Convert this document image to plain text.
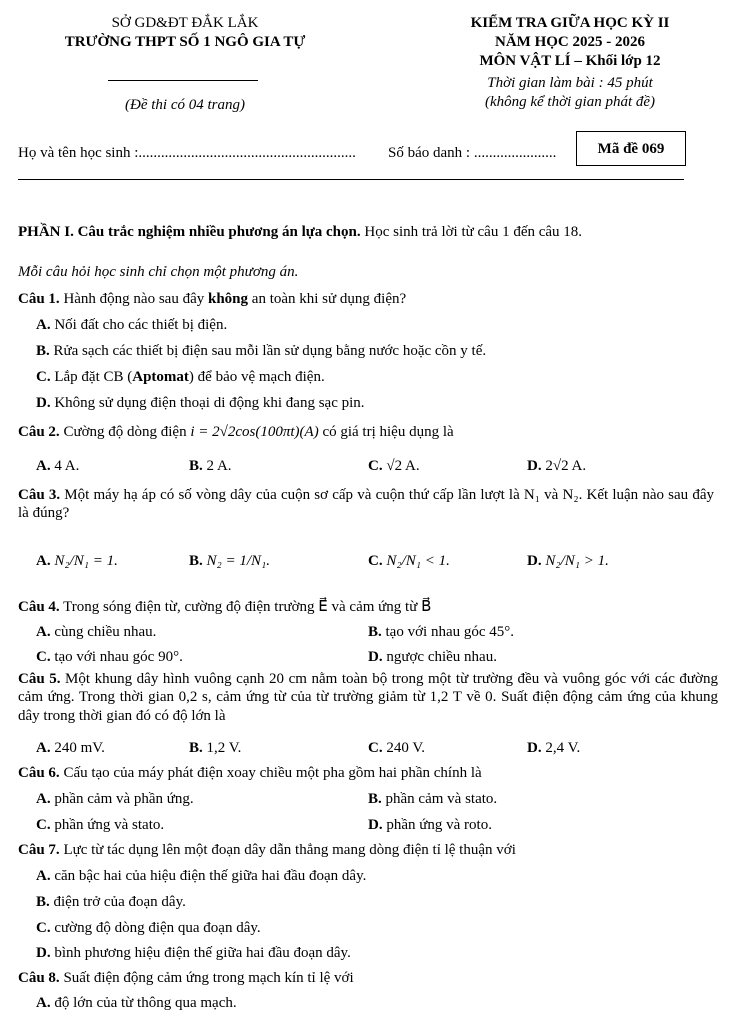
SỞ GD&ĐT ĐẮK LẮK
TRƯỜNG THPT SỐ 1 NGÔ GIA TỰ
(Đề thi có 04 trang)
KIỂM TRA GIỮA HỌC KỲ II
NĂM HỌC 2025 - 2026
MÔN VẬT LÍ – Khối lớp 12
Thời gian làm bài : 45 phút
(không kể thời gian phát đề)
Họ và tên học sinh :.......................................................... Số báo danh : ......................	Mã đề 069
PHẦN I. Câu trắc nghiệm nhiều phương án lựa chọn. Học sinh trả lời từ câu 1 đến câu 18.
Mỗi câu hỏi học sinh chỉ chọn một phương án.
Câu 1. Hành động nào sau đây không an toàn khi sử dụng điện?
A. Nối đất cho các thiết bị điện.
B. Rửa sạch các thiết bị điện sau mỗi lần sử dụng bằng nước hoặc cồn y tế.
C. Lắp đặt CB (Aptomat) để bảo vệ mạch điện.
D. Không sử dụng điện thoại di động khi đang sạc pin.
Câu 2. Cường độ dòng điện i = 2√2cos(100πt)(A) có giá trị hiệu dụng là
A. 4 A.	B. 2 A.	C. √2 A.	D. 2√2 A.
Câu 3. Một máy hạ áp có số vòng dây của cuộn sơ cấp và cuộn thứ cấp lần lượt là N₁ và N₂. Kết luận nào sau đây là đúng?
A. N₂/N₁ = 1.	B. N₂ = 1/N₁.	C. N₂/N₁ < 1.	D. N₂/N₁ > 1.
Câu 4. Trong sóng điện từ, cường độ điện trường E⃗ và cảm ứng từ B⃗
A. cùng chiều nhau.	B. tạo với nhau góc 45°.
C. tạo với nhau góc 90°.	D. ngược chiều nhau.
Câu 5. Một khung dây hình vuông cạnh 20 cm nằm toàn bộ trong một từ trường đều và vuông góc với các đường cảm ứng. Trong thời gian 0,2 s, cảm ứng từ của từ trường giảm từ 1,2 T về 0. Suất điện động cảm ứng của khung dây trong thời gian đó có độ lớn là
A. 240 mV.	B. 1,2 V.	C. 240 V.	D. 2,4 V.
Câu 6. Cấu tạo của máy phát điện xoay chiều một pha gồm hai phần chính là
A. phần cảm và phần ứng.	B. phần cảm và stato.
C. phần ứng và stato.	D. phần ứng và roto.
Câu 7. Lực từ tác dụng lên một đoạn dây dẫn thẳng mang dòng điện tỉ lệ thuận với
A. căn bậc hai của hiệu điện thế giữa hai đầu đoạn dây.
B. điện trở của đoạn dây.
C. cường độ dòng điện qua đoạn dây.
D. bình phương hiệu điện thế giữa hai đầu đoạn dây.
Câu 8. Suất điện động cảm ứng trong mạch kín tỉ lệ với
A. độ lớn của từ thông qua mạch.
